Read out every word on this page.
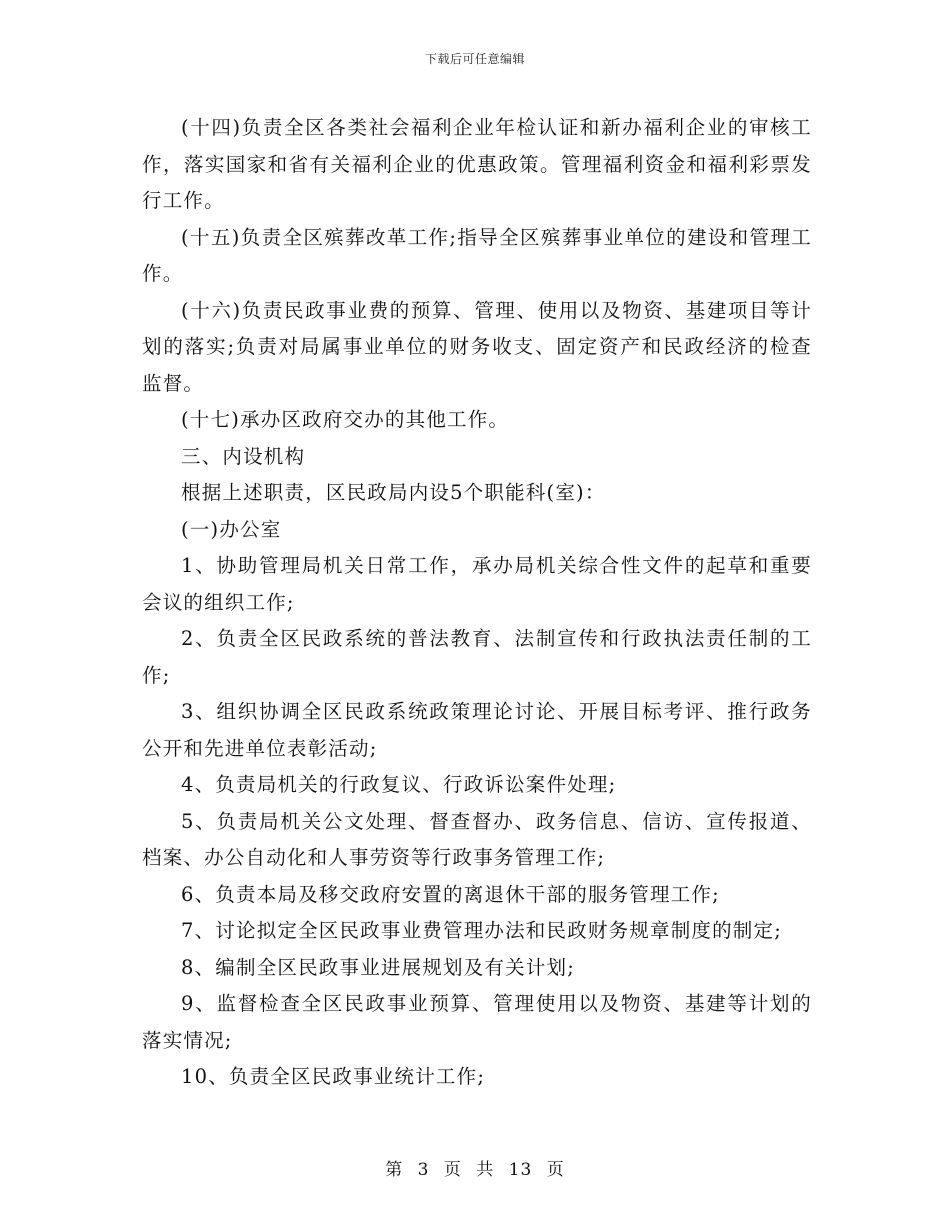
下载后可任意编辑

(十四)负责全区各类社会福利企业年检认证和新办福利企业的审核工作，落实国家和省有关福利企业的优惠政策。管理福利资金和福利彩票发行工作。

(十五)负责全区殡葬改革工作;指导全区殡葬事业单位的建设和管理工作。

(十六)负责民政事业费的预算、管理、使用以及物资、基建项目等计划的落实;负责对局属事业单位的财务收支、固定资产和民政经济的检查监督。

(十七)承办区政府交办的其他工作。

三、内设机构

根据上述职责，区民政局内设5个职能科(室)：

(一)办公室

1、协助管理局机关日常工作，承办局机关综合性文件的起草和重要会议的组织工作;

2、负责全区民政系统的普法教育、法制宣传和行政执法责任制的工作;

3、组织协调全区民政系统政策理论讨论、开展目标考评、推行政务公开和先进单位表彰活动;

4、负责局机关的行政复议、行政诉讼案件处理;

5、负责局机关公文处理、督查督办、政务信息、信访、宣传报道、档案、办公自动化和人事劳资等行政事务管理工作;

6、负责本局及移交政府安置的离退休干部的服务管理工作;

7、讨论拟定全区民政事业费管理办法和民政财务规章制度的制定;

8、编制全区民政事业进展规划及有关计划;

9、监督检查全区民政事业预算、管理使用以及物资、基建等计划的落实情况;

10、负责全区民政事业统计工作;

第 3 页 共 13 页
